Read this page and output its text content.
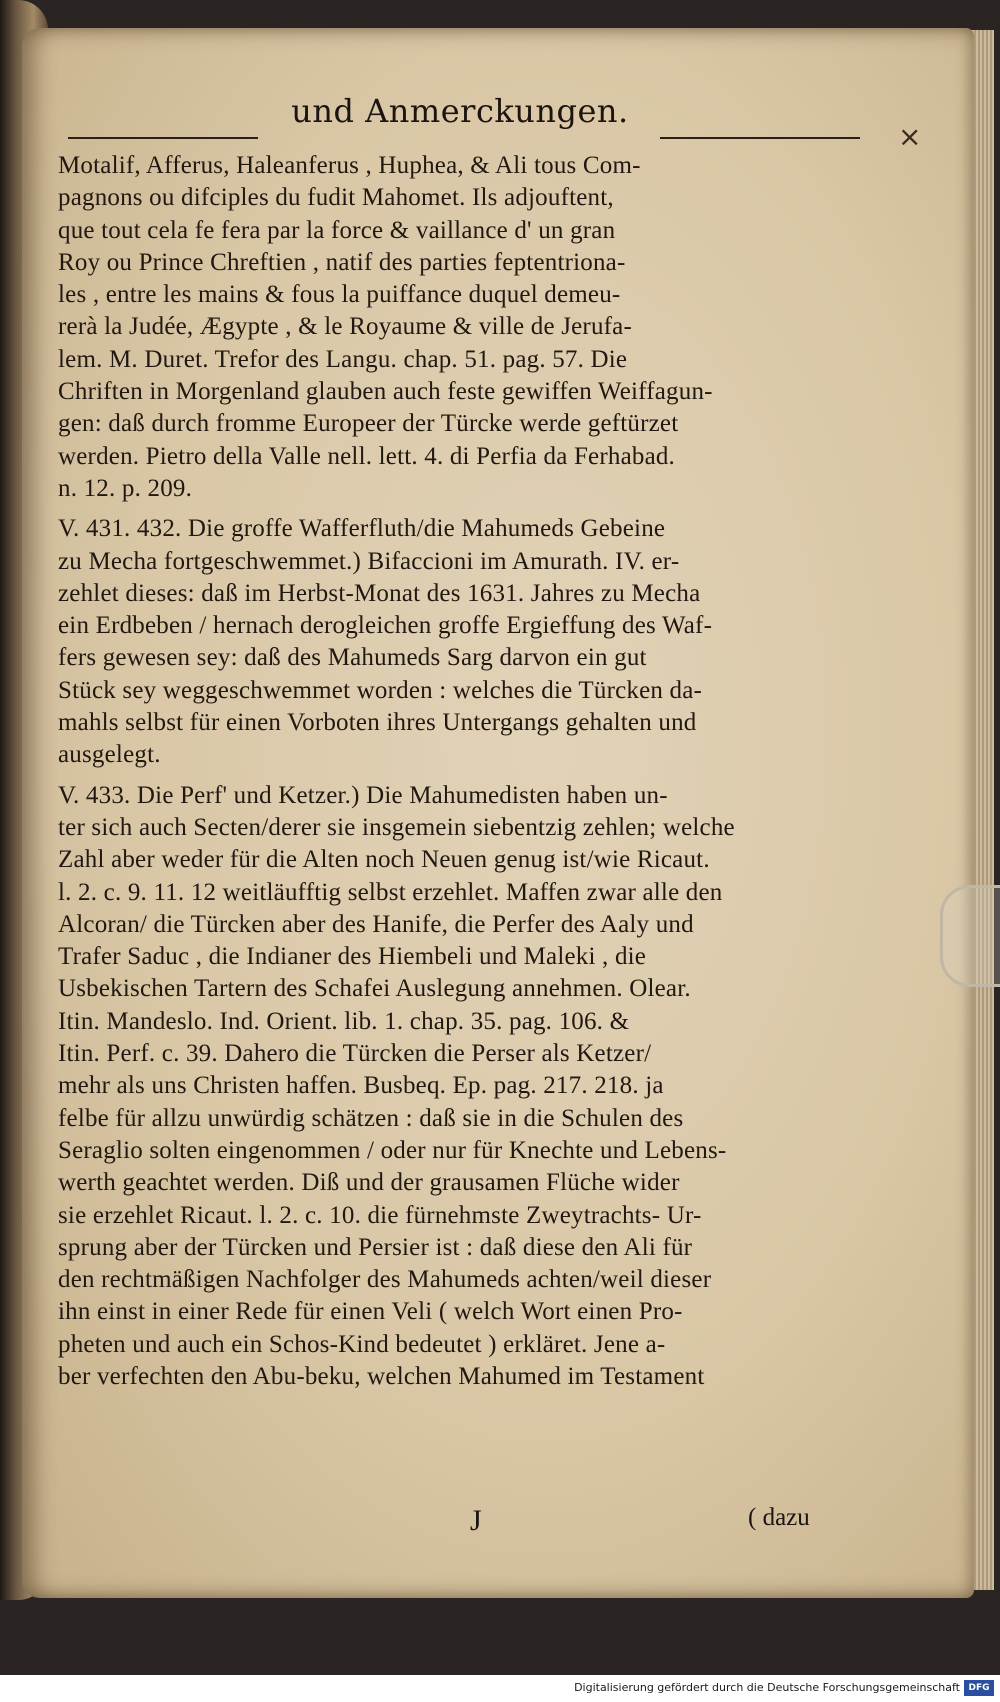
und Anmerckungen.
×
Motalif, Afferus, Haleanferus , Huphea, & Ali tous Com-
pagnons ou difciples du fudit Mahomet. Ils adjouftent,
que tout cela fe fera par la force & vaillance d' un gran
Roy ou Prince Chreftien , natif des parties feptentriona-
les , entre les mains & fous la puiffance duquel demeu-
rerà la Judée, Ægypte , & le Royaume & ville de Jerufa-
lem. M. Duret. Trefor des Langu. chap. 51. pag. 57. Die
Chriften in Morgenland glauben auch feste gewiffen Weiffagun-
gen: daß durch fromme Europeer der Türcke werde geftürzet
werden. Pietro della Valle nell. lett. 4. di Perfia da Ferhabad.
n. 12. p. 209.
V. 431. 432. Die groffe Wafferfluth/die Mahumeds Gebeine
zu Mecha fortgeschwemmet.) Bifaccioni im Amurath. IV. er-
zehlet dieses: daß im Herbst-Monat des 1631. Jahres zu Mecha
ein Erdbeben / hernach derogleichen groffe Ergieffung des Waf-
fers gewesen sey: daß des Mahumeds Sarg darvon ein gut
Stück sey weggeschwemmet worden : welches die Türcken da-
mahls selbst für einen Vorboten ihres Untergangs gehalten und
ausgelegt.
V. 433. Die Perf' und Ketzer.) Die Mahumedisten haben un-
ter sich auch Secten/derer sie insgemein siebentzig zehlen; welche
Zahl aber weder für die Alten noch Neuen genug ist/wie Ricaut.
l. 2. c. 9. 11. 12 weitläufftig selbst erzehlet. Maffen zwar alle den
Alcoran/ die Türcken aber des Hanife, die Perfer des Aaly und
Trafer Saduc , die Indianer des Hiembeli und Maleki , die
Usbekischen Tartern des Schafei Auslegung annehmen. Olear.
Itin. Mandeslo. Ind. Orient. lib. 1. chap. 35. pag. 106. &
Itin. Perf. c. 39. Dahero die Türcken die Perser als Ketzer/
mehr als uns Christen haffen. Busbeq. Ep. pag. 217. 218. ja
felbe für allzu unwürdig schätzen : daß sie in die Schulen des
Seraglio solten eingenommen / oder nur für Knechte und Lebens-
werth geachtet werden. Diß und der grausamen Flüche wider
sie erzehlet Ricaut. l. 2. c. 10. die fürnehmste Zweytrachts- Ur-
sprung aber der Türcken und Persier ist : daß diese den Ali für
den rechtmäßigen Nachfolger des Mahumeds achten/weil dieser
ihn einst in einer Rede für einen Veli ( welch Wort einen Pro-
pheten und auch ein Schos-Kind bedeutet ) erkläret. Jene a-
ber verfechten den Abu-beku, welchen Mahumed im Testament
J	( dazu
Digitalisierung gefördert durch die Deutsche Forschungsgemeinschaft DFG
